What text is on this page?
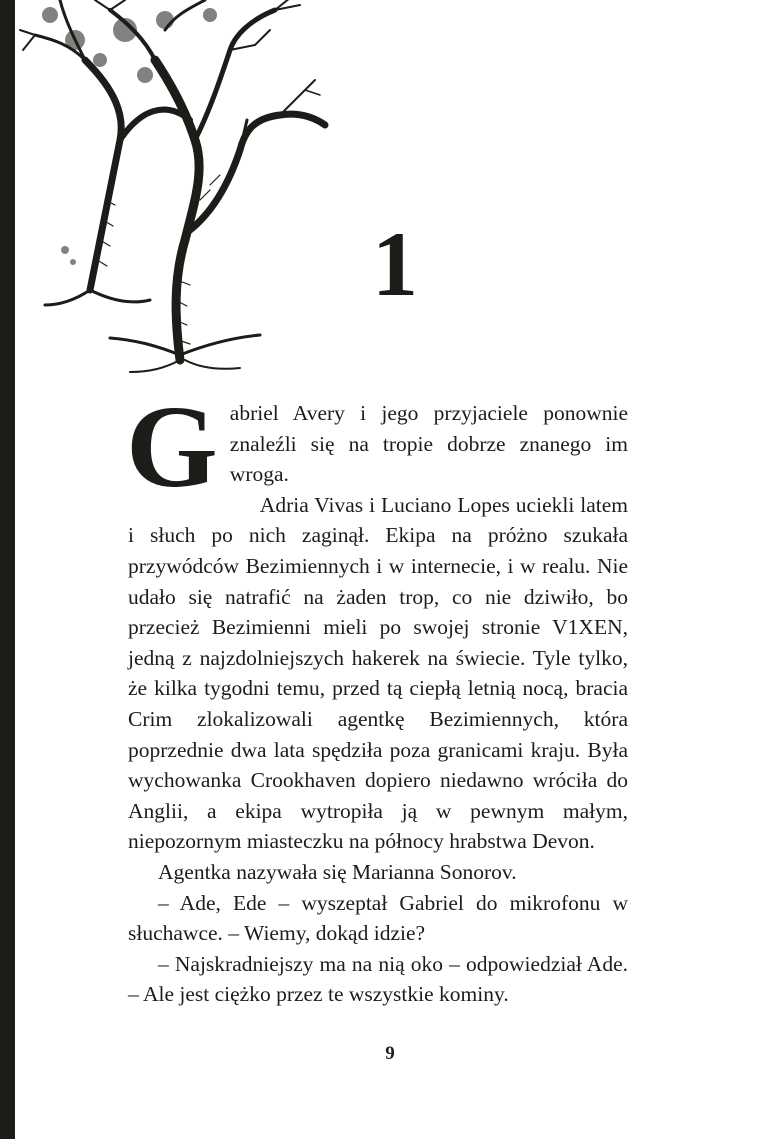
1

Gabriel Avery i jego przyjaciele ponownie znaleźli się na tropie dobrze znanego im wroga.

Adria Vivas i Luciano Lopes uciekli latem i słuch po nich zaginął. Ekipa na próżno szukała przywódców Bezimiennych i w internecie, i w realu. Nie udało się natrafić na żaden trop, co nie dziwiło, bo przecież Bezimienni mieli po swojej stronie V1XEN, jedną z najzdolniejszych hakerek na świecie. Tyle tylko, że kilka tygodni temu, przed tą ciepłą letnią nocą, bracia Crim zlokalizowali agentkę Bezimiennych, która poprzednie dwa lata spędziła poza granicami kraju. Była wychowanka Crookhaven dopiero niedawno wróciła do Anglii, a ekipa wytropiła ją w pewnym małym, niepozornym miasteczku na północy hrabstwa Devon.

Agentka nazywała się Marianna Sonorov.

– Ade, Ede – wyszeptał Gabriel do mikrofonu w słuchawce. – Wiemy, dokąd idzie?

– Najskradniejszy ma na nią oko – odpowiedział Ade. – Ale jest ciężko przez te wszystkie kominy.

9
